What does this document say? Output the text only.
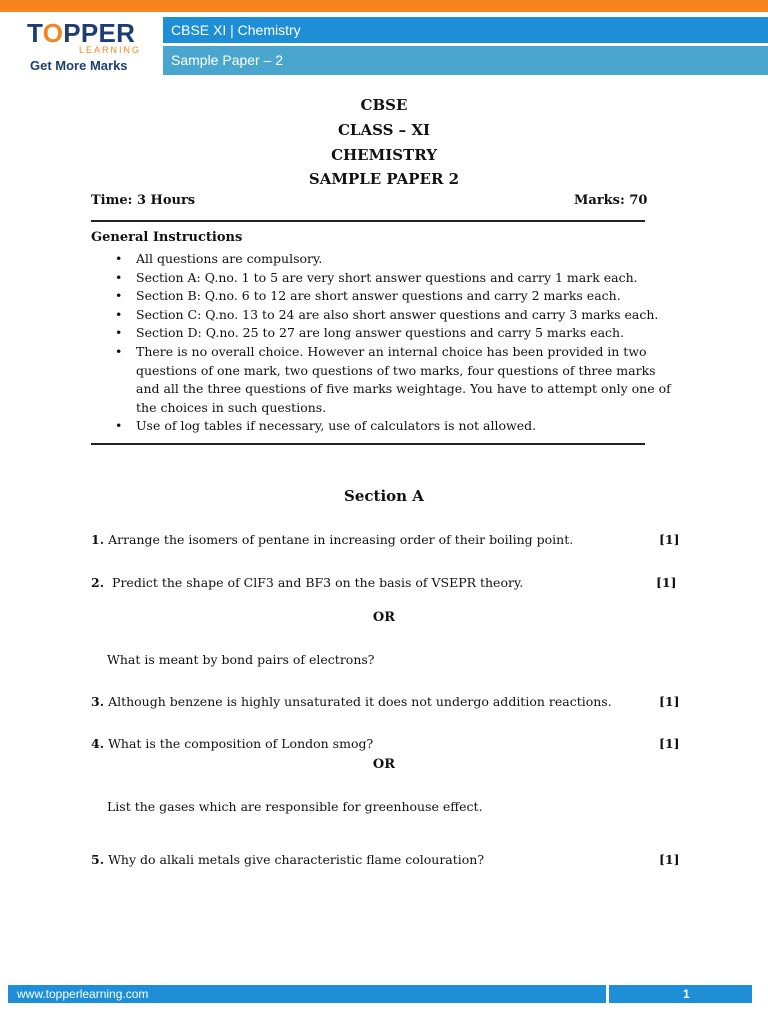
TOPPER
LEARNING
Get More Marks
CBSE XI | Chemistry
Sample Paper – 2
CBSE
CLASS – XI
CHEMISTRY
SAMPLE PAPER 2
Time: 3 Hours	Marks: 70
General Instructions
• All questions are compulsory.
• Section A: Q.no. 1 to 5 are very short answer questions and carry 1 mark each.
• Section B: Q.no. 6 to 12 are short answer questions and carry 2 marks each.
• Section C: Q.no. 13 to 24 are also short answer questions and carry 3 marks each.
• Section D: Q.no. 25 to 27 are long answer questions and carry 5 marks each.
• There is no overall choice. However an internal choice has been provided in two questions of one mark, two questions of two marks, four questions of three marks and all the three questions of five marks weightage. You have to attempt only one of the choices in such questions.
• Use of log tables if necessary, use of calculators is not allowed.
Section A
1. Arrange the isomers of pentane in increasing order of their boiling point.	[1]
2. Predict the shape of ClF3 and BF3 on the basis of VSEPR theory.	[1]
OR
What is meant by bond pairs of electrons?
3. Although benzene is highly unsaturated it does not undergo addition reactions.	[1]
4. What is the composition of London smog?	[1]
OR
List the gases which are responsible for greenhouse effect.
5. Why do alkali metals give characteristic flame colouration?	[1]
www.topperlearning.com	1
